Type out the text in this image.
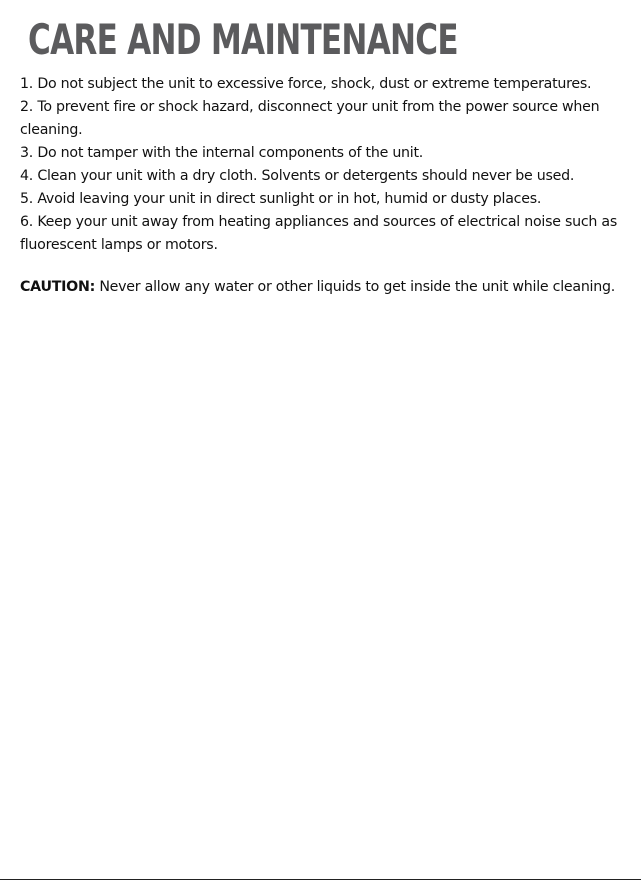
CARE AND MAINTENANCE

1. Do not subject the unit to excessive force, shock, dust or extreme temperatures.

2. To prevent fire or shock hazard, disconnect your unit from the power source when cleaning.

3. Do not tamper with the internal components of the unit.

4. Clean your unit with a dry cloth. Solvents or detergents should never be used.

5. Avoid leaving your unit in direct sunlight or in hot, humid or dusty places.

6. Keep your unit away from heating appliances and sources of electrical noise such as fluorescent lamps or motors.

CAUTION: Never allow any water or other liquids to get inside the unit while cleaning.
